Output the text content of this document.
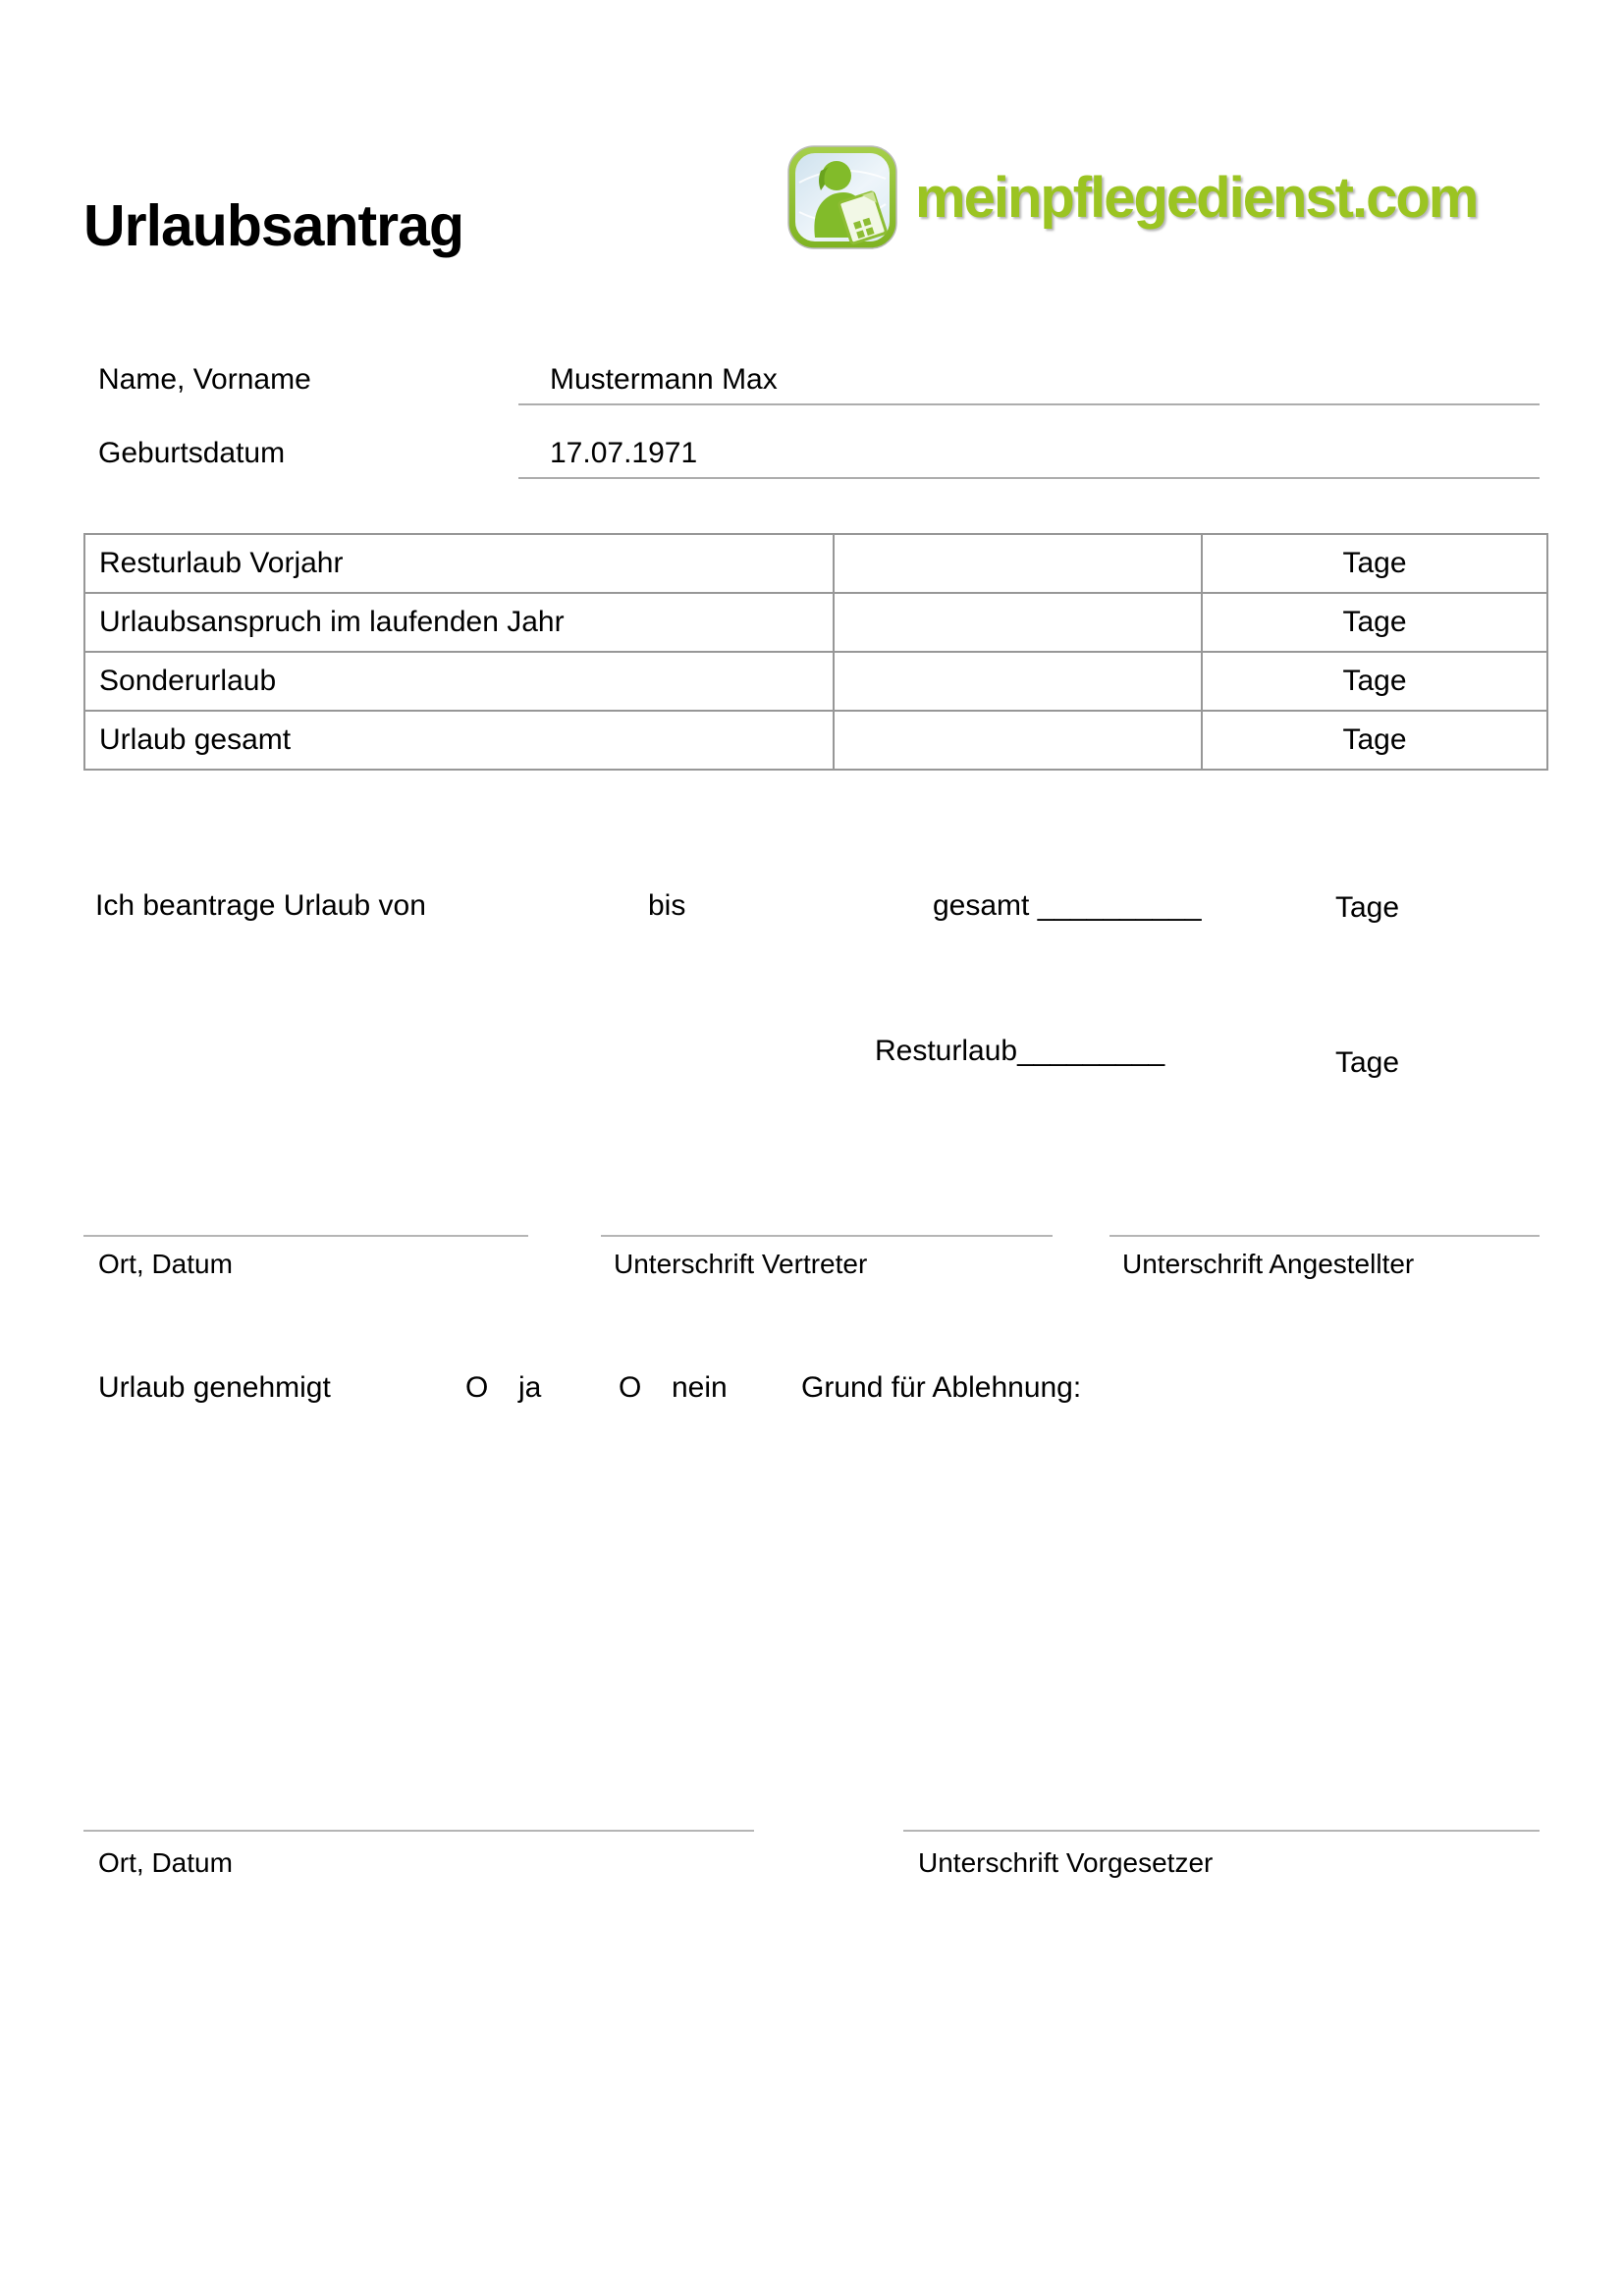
Urlaubsantrag	meinpflegedienst.com
Name, Vorname	Mustermann Max
Geburtsdatum	17.07.1971
Resturlaub Vorjahr		Tage
Urlaubsanspruch im laufenden Jahr		Tage
Sonderurlaub		Tage
Urlaub gesamt		Tage
Ich beantrage Urlaub von	bis	gesamt __________	Tage
Resturlaub_________	Tage
Ort, Datum	Unterschrift Vertreter	Unterschrift Angestellter
Urlaub genehmigt	O ja	O nein	Grund für Ablehnung:
Ort, Datum	Unterschrift Vorgesetzer
